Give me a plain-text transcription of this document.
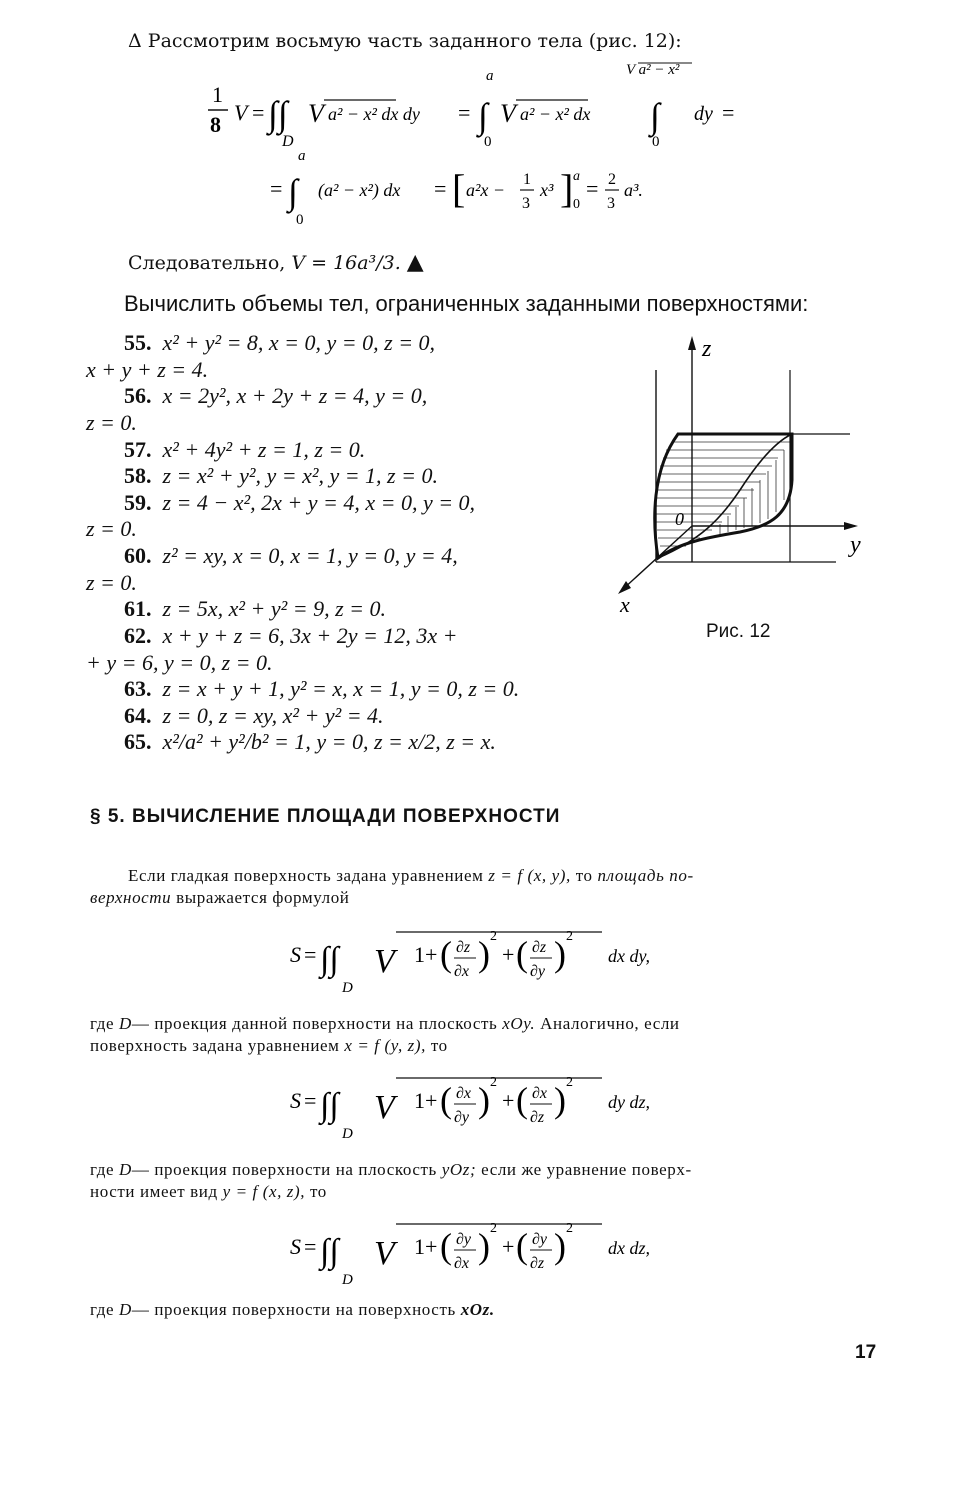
Δ Рассмотрим восьмую часть заданного тела (рис. 12):
1
8 V = ∫∫
D
V a² − x² dx dy = ∫
a
0
V a² − x² dx ∫
V a² − x²
0
dy =
= ∫
a
0
(a² − x²) dx = [ a²x −
1
3
x³ ] a
0
= 2
3
a³.
Следовательно, V = 16a³/3. ▲
Вычислить объемы тел, ограниченных заданными поверхностями:
55. x² + y² = 8, x = 0, y = 0, z = 0,
x + y + z = 4.
56. x = 2y², x + 2y + z = 4, y = 0,
z = 0.
57. x² + 4y² + z = 1, z = 0.
58. z = x² + y², y = x², y = 1, z = 0.
59. z = 4 − x², 2x + y = 4, x = 0, y = 0,
z = 0.
60. z² = xy, x = 0, x = 1, y = 0, y = 4,
z = 0.
61. z = 5x, x² + y² = 9, z = 0.
62. x + y + z = 6, 3x + 2y = 12, 3x +
+ y = 6, y = 0, z = 0.
63. z = x + y + 1, y² = x, x = 1, y = 0, z = 0.
64. z = 0, z = xy, x² + y² = 4.
65. x²/a² + y²/b² = 1, y = 0, z = x/2, z = x.
z
y
x
0
Рис. 12
§ 5. ВЫЧИСЛЕНИЕ ПЛОЩАДИ ПОВЕРХНОСТИ
Если гладкая поверхность задана уравнением z = f (x, y), то площадь по-
верхности выражается формулой
S = ∫∫
D
V 1+ ( ∂z
∂x ) 2
+ ( ∂z
∂y ) 2
dx dy,
где D— проекция данной поверхности на плоскость xOy. Аналогично, если
поверхность задана уравнением x = f (y, z), то
S = ∫∫
D
V 1+ ( ∂x
∂y ) 2
+ ( ∂x
∂z ) 2
dy dz,
где D— проекция поверхности на плоскость yOz; если же уравнение поверх-
ности имеет вид y = f (x, z), то
S = ∫∫
D
V 1+ ( ∂y
∂x ) 2
+ ( ∂y
∂z ) 2
dx dz,
где D— проекция поверхности на поверхность xOz.
17
